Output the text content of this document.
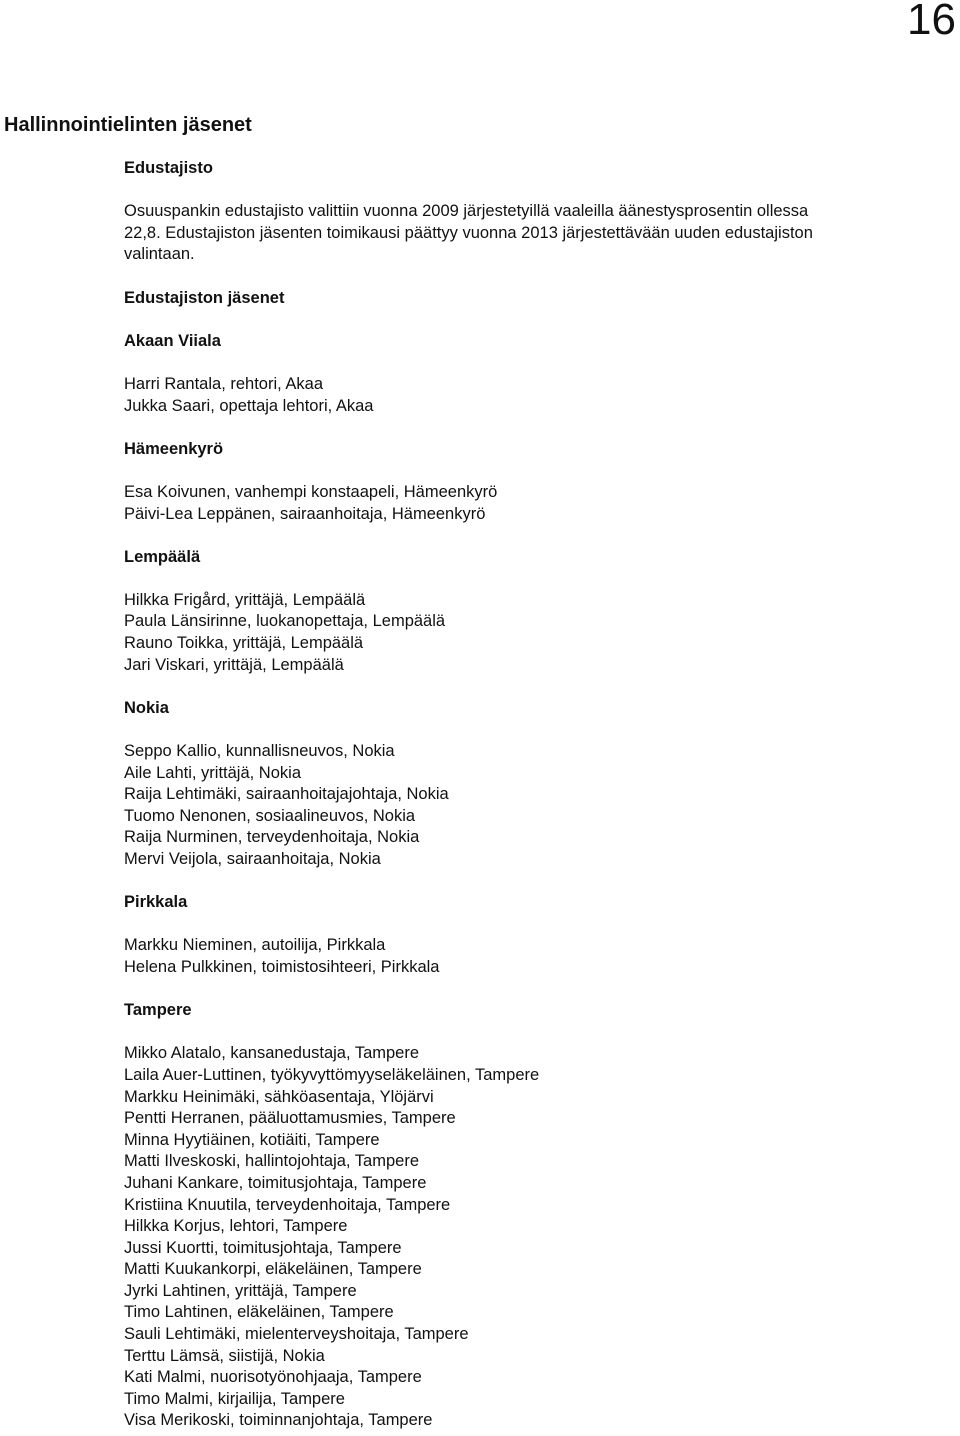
16
Hallinnointielinten jäsenet
Edustajisto
Osuuspankin edustajisto valittiin vuonna 2009 järjestetyillä vaaleilla äänestysprosentin ollessa
22,8. Edustajiston jäsenten toimikausi päättyy vuonna 2013 järjestettävään uuden edustajiston
valintaan.
Edustajiston jäsenet
Akaan Viiala
Harri Rantala, rehtori, Akaa
Jukka Saari, opettaja lehtori, Akaa
Hämeenkyrö
Esa Koivunen, vanhempi konstaapeli, Hämeenkyrö
Päivi-Lea Leppänen, sairaanhoitaja, Hämeenkyrö
Lempäälä
Hilkka Frigård, yrittäjä, Lempäälä
Paula Länsirinne, luokanopettaja, Lempäälä
Rauno Toikka, yrittäjä, Lempäälä
Jari Viskari, yrittäjä, Lempäälä
Nokia
Seppo Kallio, kunnallisneuvos, Nokia
Aile Lahti, yrittäjä, Nokia
Raija Lehtimäki, sairaanhoitajajohtaja, Nokia
Tuomo Nenonen, sosiaalineuvos, Nokia
Raija Nurminen, terveydenhoitaja, Nokia
Mervi Veijola, sairaanhoitaja, Nokia
Pirkkala
Markku Nieminen, autoilija, Pirkkala
Helena Pulkkinen, toimistosihteeri, Pirkkala
Tampere
Mikko Alatalo, kansanedustaja, Tampere
Laila Auer-Luttinen, työkyvyttömyyseläkeläinen, Tampere
Markku Heinimäki, sähköasentaja, Ylöjärvi
Pentti Herranen, pääluottamusmies, Tampere
Minna Hyytiäinen, kotiäiti, Tampere
Matti Ilveskoski, hallintojohtaja, Tampere
Juhani Kankare, toimitusjohtaja, Tampere
Kristiina Knuutila, terveydenhoitaja, Tampere
Hilkka Korjus, lehtori, Tampere
Jussi Kuortti, toimitusjohtaja, Tampere
Matti Kuukankorpi, eläkeläinen, Tampere
Jyrki Lahtinen, yrittäjä, Tampere
Timo Lahtinen, eläkeläinen, Tampere
Sauli Lehtimäki, mielenterveyshoitaja, Tampere
Terttu Lämsä, siistijä, Nokia
Kati Malmi, nuorisotyönohjaaja, Tampere
Timo Malmi, kirjailija, Tampere
Visa Merikoski, toiminnanjohtaja, Tampere
